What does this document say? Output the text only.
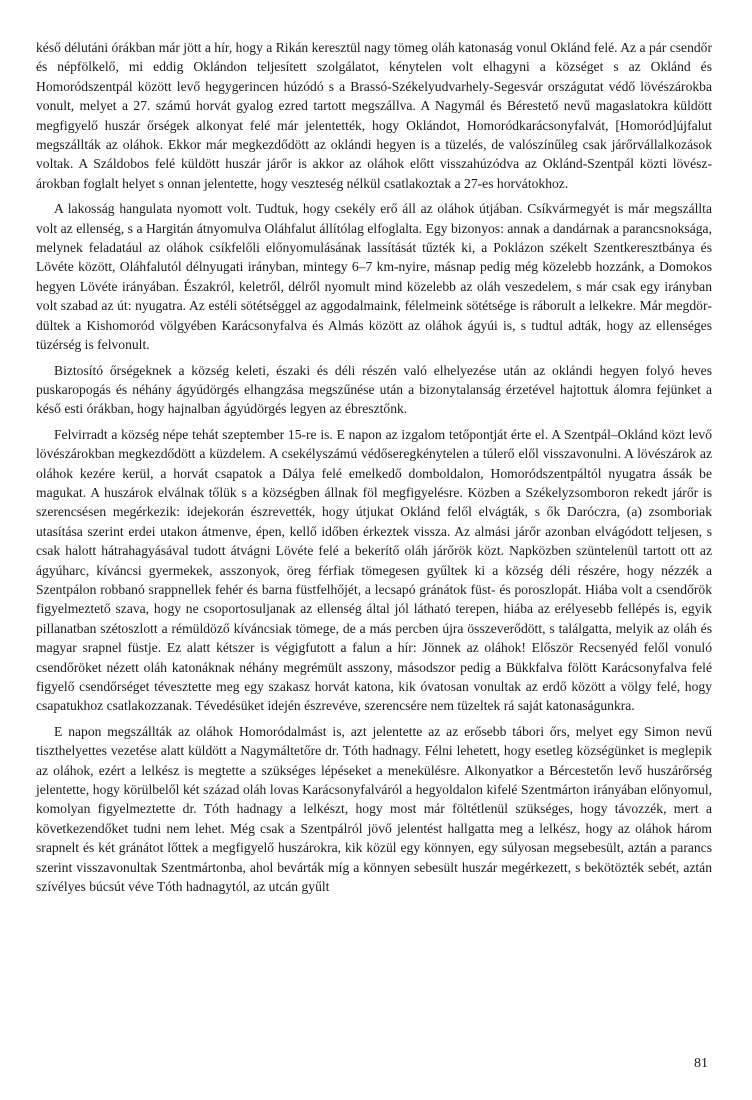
késő délutáni órákban már jött a hír, hogy a Rikán keresztül nagy tömeg oláh katonaság vonul Oklánd felé. Az a pár csendőr és népfölkelő, mi eddig Oklándon teljesített szolgálatot, kénytelen volt elhagyni a községet s az Oklánd és Homoródszentpál között levő hegygerincen húzódó s a Brassó-Székelyudvarhely-Segesvár országutat védő lövészárokba vonult, melyet a 27. számú horvát gyalog ezred tartott megszállva. A Nagymál és Bérestető nevű magaslatokra küldött megfigyelő huszár őrségek alkonyat felé már jelentették, hogy Oklándot, Homoródkarácsonyfalvát, [Homoród]újfalut megszállták az oláhok. Ekkor már megkezdődött az oklándi hegyen is a tüzelés, de valószínűleg csak járőrvállalkozások voltak. A Száldobos felé küldött huszár járőr is akkor az oláhok előtt visszahúzódva az Oklánd-Szentpál közti lövészárokban foglalt helyet s onnan jelentette, hogy veszteség nélkül csatlakoztak a 27-es horvátokhoz.

A lakosság hangulata nyomott volt. Tudtuk, hogy csekély erő áll az oláhok útjában. Csíkvármegyét is már megszállta volt az ellenség, s a Hargitán átnyomulva Oláhfalut állítólag elfoglalta. Egy bizonyos: annak a dandárnak a parancsnoksága, melynek feladatául az oláhok csíkfelőli előnyomulásának lassítását tűzték ki, a Poklázon székelt Szentkeresztbánya és Lövéte között, Oláhfalutól délnyugati irányban, mintegy 6–7 km-nyire, másnap pedig még közelebb hozzánk, a Domokos hegyen Lövéte irányában. Északról, keletről, délről nyomult mind közelebb az oláh veszedelem, s már csak egy irányban volt szabad az út: nyugatra. Az estéli sötétséggel az aggodalmaink, félelmeink sötétsége is ráborult a lelkekre. Már megdördültek a Kishomoród völgyében Karácsonyfalva és Almás között az oláhok ágyúi is, s tudtul adták, hogy az ellenséges tüzérség is felvonult.

Biztosító őrségeknek a község keleti, északi és déli részén való elhelyezése után az oklándi hegyen folyó heves puskaropogás és néhány ágyúdörgés elhangzása megszűnése után a bizonytalanság érzetével hajtottuk álomra fejünket a késő esti órákban, hogy hajnalban ágyúdörgés legyen az ébresztőnk.

Felvirradt a község népe tehát szeptember 15-re is. E napon az izgalom tetőpontját érte el. A Szentpál–Oklánd közt levő lövészárokban megkezdődött a küzdelem. A csekélyszámú védőseregkénytelen a túlerő elől visszavonulni. A lövészárok az oláhok kezére kerül, a horvát csapatok a Dálya felé emelkedő domboldalon, Homoródszentpáltól nyugatra ássák be magukat. A huszárok elválnak tőlük s a községben állnak föl megfigyelésre. Közben a Székelyzsomboron rekedt járőr is szerencsésen megérkezik: idejekorán észrevették, hogy útjukat Oklánd felől elvágták, s ők Daróczra, (a) zsomboriak utasítása szerint erdei utakon átmenve, épen, kellő időben érkeztek vissza. Az almási járőr azonban elvágódott teljesen, s csak halott hátrahagyásával tudott átvágni Lövéte felé a bekerítő oláh járőrök közt. Napközben szüntelenül tartott ott az ágyúharc, kíváncsi gyermekek, asszonyok, öreg férfiak tömegesen gyűltek ki a község déli részére, hogy nézzék a Szentpálon robbanó srappnellek fehér és barna füstfelhőjét, a lecsapó gránátok füst- és poroszlopát. Hiába volt a csendőrök figyelmeztető szava, hogy ne csoportosuljanak az ellenség által jól látható terepen, hiába az erélyesebb fellépés is, egyik pillanatban szétoszlott a rémüldöző kíváncsiak tömege, de a más percben újra összeverődött, s találgatta, melyik az oláh és magyar srapnel füstje. Ez alatt kétszer is végigfutott a falun a hír: Jönnek az oláhok! Először Recsenyéd felől vonuló csendőröket nézett oláh katonáknak néhány megrémült asszony, másodszor pedig a Bükkfalva fölött Karácsonyfalva felé figyelő csendőrséget tévesztette meg egy szakasz horvát katona, kik óvatosan vonultak az erdő között a völgy felé, hogy csapatukhoz csatlakozzanak. Tévedésüket idején észrevéve, szerencsére nem tüzeltek rá saját katonaságunkra.

E napon megszállták az oláhok Homoródalmást is, azt jelentette az az erősebb tábori őrs, melyet egy Simon nevű tiszthelyettes vezetése alatt küldött a Nagymáltetőre dr. Tóth hadnagy. Félni lehetett, hogy esetleg községünket is meglepik az oláhok, ezért a lelkész is megtette a szükséges lépéseket a menekülésre. Alkonyatkor a Bércestetőn levő huszárőrség jelentette, hogy körülbelől két század oláh lovas Karácsonyfalváról a hegyoldalon kifelé Szentmárton irányában előnyomul, komolyan figyelmeztette dr. Tóth hadnagy a lelkészt, hogy most már föltétlenül szükséges, hogy távozzék, mert a következendőket tudni nem lehet. Még csak a Szentpálról jövő jelentést hallgatta meg a lelkész, hogy az oláhok három srapnelt és két gránátot lőttek a megfigyelő huszárokra, kik közül egy könnyen, egy súlyosan megsebesült, aztán a parancs szerint visszavonultak Szentmártonba, ahol bevárták míg a könnyen sebesült huszár megérkezett, s bekötözték sebét, aztán szívélyes búcsút véve Tóth hadnagytól, az utcán gyűlt

81
